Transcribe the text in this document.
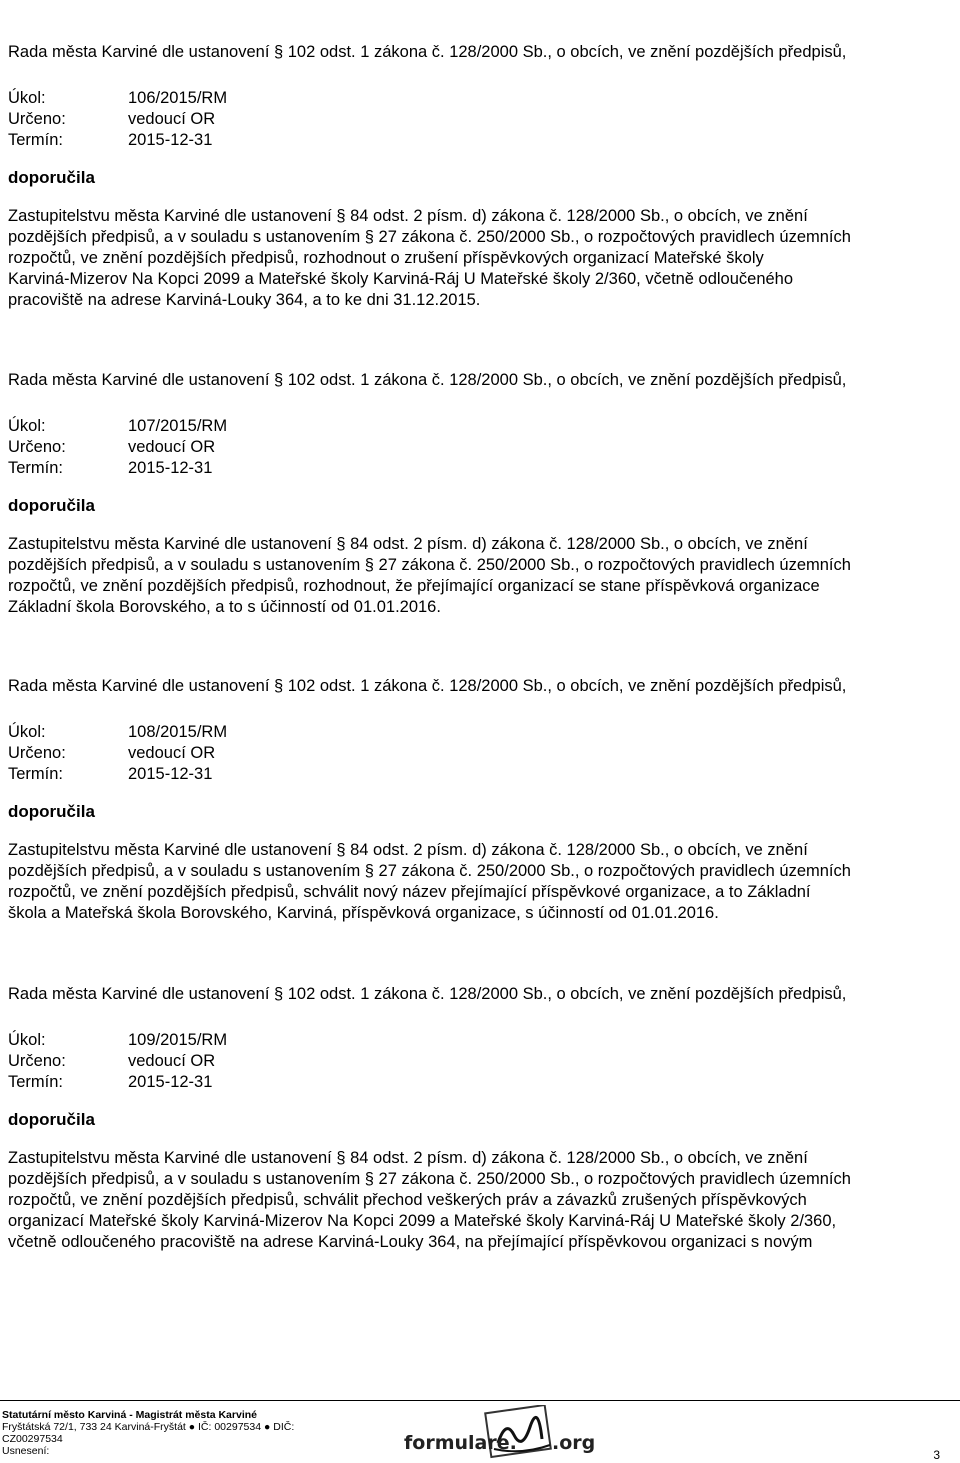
Rada města Karviné dle ustanovení § 102 odst. 1 zákona č. 128/2000 Sb., o obcích, ve znění pozdějších předpisů,
Úkol:	106/2015/RM
Určeno:	vedoucí OR
Termín:	2015-12-31
doporučila
Zastupitelstvu města Karviné dle ustanovení § 84 odst. 2 písm. d) zákona č. 128/2000 Sb., o obcích, ve znění
pozdějších předpisů, a v souladu s ustanovením § 27 zákona č. 250/2000 Sb., o rozpočtových pravidlech územních
rozpočtů, ve znění pozdějších předpisů, rozhodnout o zrušení příspěvkových organizací Mateřské školy
Karviná-Mizerov Na Kopci 2099 a Mateřské školy Karviná-Ráj U Mateřské školy 2/360, včetně odloučeného
pracoviště na adrese Karviná-Louky 364, a to ke dni 31.12.2015.
Rada města Karviné dle ustanovení § 102 odst. 1 zákona č. 128/2000 Sb., o obcích, ve znění pozdějších předpisů,
Úkol:	107/2015/RM
Určeno:	vedoucí OR
Termín:	2015-12-31
doporučila
Zastupitelstvu města Karviné dle ustanovení § 84 odst. 2 písm. d) zákona č. 128/2000 Sb., o obcích, ve znění
pozdějších předpisů, a v souladu s ustanovením § 27 zákona č. 250/2000 Sb., o rozpočtových pravidlech územních
rozpočtů, ve znění pozdějších předpisů, rozhodnout, že přejímající organizací se stane příspěvková organizace
Základní škola Borovského, a to s účinností od 01.01.2016.
Rada města Karviné dle ustanovení § 102 odst. 1 zákona č. 128/2000 Sb., o obcích, ve znění pozdějších předpisů,
Úkol:	108/2015/RM
Určeno:	vedoucí OR
Termín:	2015-12-31
doporučila
Zastupitelstvu města Karviné dle ustanovení § 84 odst. 2 písm. d) zákona č. 128/2000 Sb., o obcích, ve znění
pozdějších předpisů, a v souladu s ustanovením § 27 zákona č. 250/2000 Sb., o rozpočtových pravidlech územních
rozpočtů, ve znění pozdějších předpisů, schválit nový název přejímající příspěvkové organizace, a to Základní
škola a Mateřská škola Borovského, Karviná, příspěvková organizace, s účinností od 01.01.2016.
Rada města Karviné dle ustanovení § 102 odst. 1 zákona č. 128/2000 Sb., o obcích, ve znění pozdějších předpisů,
Úkol:	109/2015/RM
Určeno:	vedoucí OR
Termín:	2015-12-31
doporučila
Zastupitelstvu města Karviné dle ustanovení § 84 odst. 2 písm. d) zákona č. 128/2000 Sb., o obcích, ve znění
pozdějších předpisů, a v souladu s ustanovením § 27 zákona č. 250/2000 Sb., o rozpočtových pravidlech územních
rozpočtů, ve znění pozdějších předpisů, schválit přechod veškerých práv a závazků zrušených příspěvkových
organizací Mateřské školy Karviná-Mizerov Na Kopci 2099 a Mateřské školy Karviná-Ráj U Mateřské školy 2/360,
včetně odloučeného pracoviště na adrese Karviná-Louky 364, na přejímající příspěvkovou organizaci s novým
Statutární město Karviná - Magistrát města Karviné
Fryštátská 72/1, 733 24 Karviná-Fryštát ● IČ: 00297534 ● DIČ:
CZ00297534
Usnesení:	formulare. .org
3
